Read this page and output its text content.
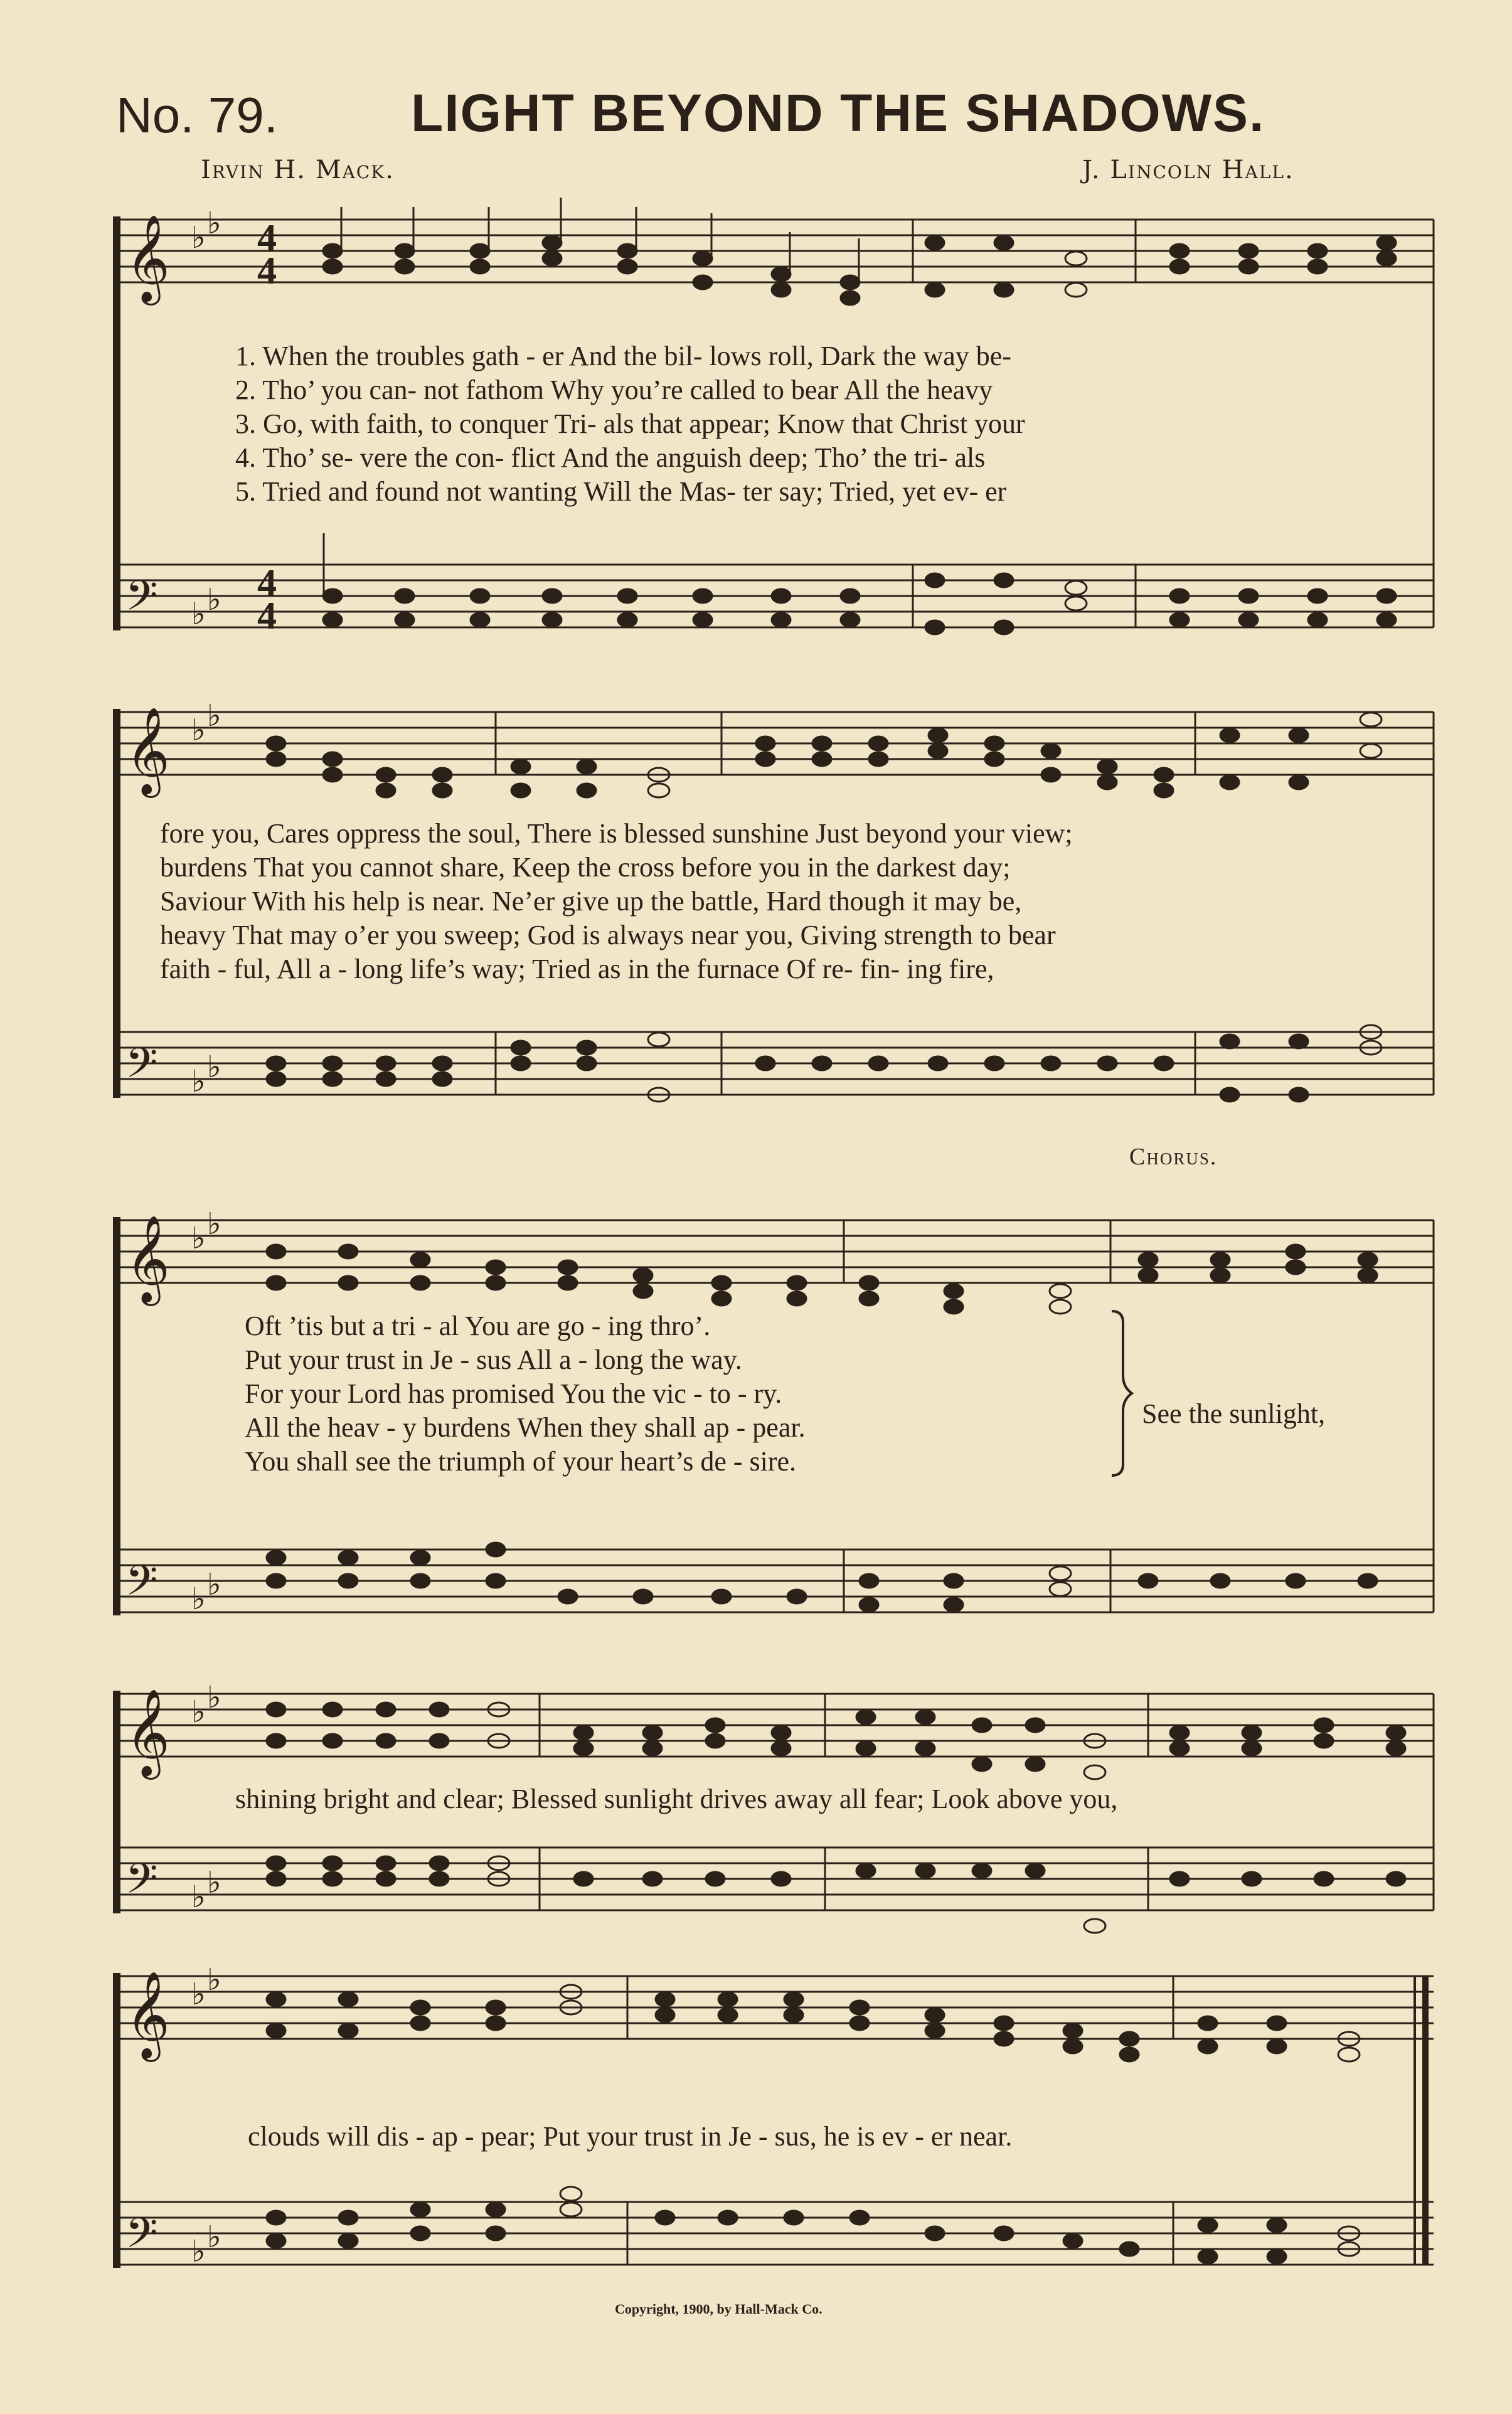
No. 79.	LIGHT BEYOND THE SHADOWS.
Irvin H. Mack.	J. Lincoln Hall.
𝄞
𝄞
𝄞
𝄞
𝄞
𝄢
𝄢
𝄢
𝄢
𝄢
♭ ♭
♭ ♭
♭ ♭
♭ ♭
♭ ♭
♭ ♭
♭ ♭
♭ ♭
♭ ♭
♭ ♭
4
4
4
4
1. When the troubles gath - er And the bil- lows roll, Dark the way be-
2. Tho’ you can- not fathom Why you’re called to bear All the heavy
3. Go, with faith, to conquer Tri- als that appear; Know that Christ your
4. Tho’ se- vere the con- flict And the anguish deep; Tho’ the tri- als
5. Tried and found not wanting Will the Mas- ter say; Tried, yet ev- er
fore you, Cares oppress the soul, There is blessed sunshine Just beyond your view;
burdens That you cannot share, Keep the cross before you in the darkest day;
Saviour With his help is near. Ne’er give up the battle, Hard though it may be,
heavy That may o’er you sweep; God is always near you, Giving strength to bear
faith - ful, All a - long life’s way; Tried as in the furnace Of re- fin- ing fire,
Chorus.
Oft ’tis but a tri - al You are go - ing thro’.
Put your trust in Je - sus All a - long the way.
For your Lord has promised You the vic - to - ry.
All the heav - y burdens When they shall ap - pear.
You shall see the triumph of your heart’s de - sire.
See the sunlight,
shining bright and clear; Blessed sunlight drives away all fear; Look above you,
clouds will dis - ap - pear; Put your trust in Je - sus, he is ev - er near.
Copyright, 1900, by Hall-Mack Co.
